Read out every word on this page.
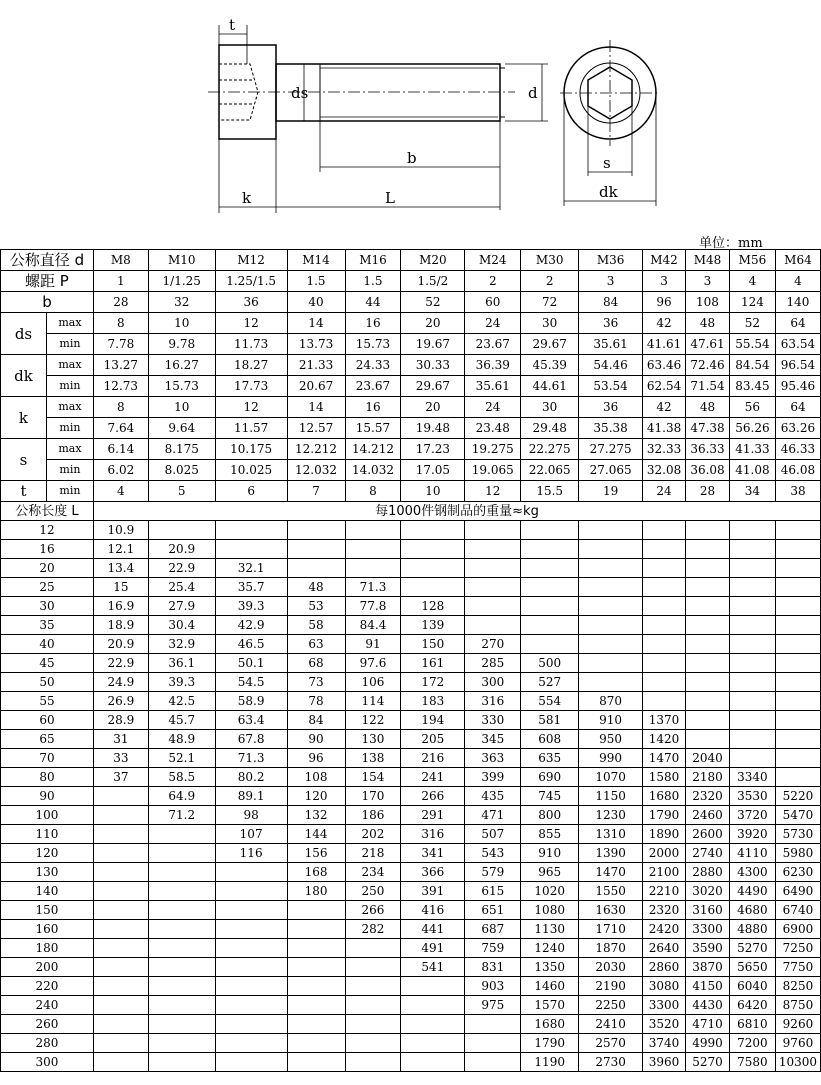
t
ds	d
b
k	L
s
dk
单位：mm
公称直径 d		M8	M10	M12	M14	M16	M20	M24	M30	M36	M42	M48	M56	M64
螺距 P		1	1/1.25	1.25/1.5	1.5	1.5	1.5/2	2	2	3	3	3	4	4
b		28	32	36	40	44	52	60	72	84	96	108	124	140
ds	max	8	10	12	14	16	20	24	30	36	42	48	52	64
	min	7.78	9.78	11.73	13.73	15.73	19.67	23.67	29.67	35.61	41.61	47.61	55.54	63.54
dk	max	13.27	16.27	18.27	21.33	24.33	30.33	36.39	45.39	54.46	63.46	72.46	84.54	96.54
	min	12.73	15.73	17.73	20.67	23.67	29.67	35.61	44.61	53.54	62.54	71.54	83.45	95.46
k	max	8	10	12	14	16	20	24	30	36	42	48	56	64
	min	7.64	9.64	11.57	12.57	15.57	19.48	23.48	29.48	35.38	41.38	47.38	56.26	63.26
s	max	6.14	8.175	10.175	12.212	14.212	17.23	19.275	22.275	27.275	32.33	36.33	41.33	46.33
	min	6.02	8.025	10.025	12.032	14.032	17.05	19.065	22.065	27.065	32.08	36.08	41.08	46.08
t	min	4	5	6	7	8	10	12	15.5	19	24	28	34	38
公称长度 L		每1000件钢制品的重量≈kg												
12		10.9												
16		12.1	20.9											
20		13.4	22.9	32.1										
25		15	25.4	35.7	48	71.3								
30		16.9	27.9	39.3	53	77.8	128							
35		18.9	30.4	42.9	58	84.4	139							
40		20.9	32.9	46.5	63	91	150	270						
45		22.9	36.1	50.1	68	97.6	161	285	500					
50		24.9	39.3	54.5	73	106	172	300	527					
55		26.9	42.5	58.9	78	114	183	316	554	870				
60		28.9	45.7	63.4	84	122	194	330	581	910	1370			
65		31	48.9	67.8	90	130	205	345	608	950	1420			
70		33	52.1	71.3	96	138	216	363	635	990	1470	2040		
80		37	58.5	80.2	108	154	241	399	690	1070	1580	2180	3340	
90			64.9	89.1	120	170	266	435	745	1150	1680	2320	3530	5220
100			71.2	98	132	186	291	471	800	1230	1790	2460	3720	5470
110				107	144	202	316	507	855	1310	1890	2600	3920	5730
120				116	156	218	341	543	910	1390	2000	2740	4110	5980
130					168	234	366	579	965	1470	2100	2880	4300	6230
140					180	250	391	615	1020	1550	2210	3020	4490	6490
150						266	416	651	1080	1630	2320	3160	4680	6740
160						282	441	687	1130	1710	2420	3300	4880	6900
180							491	759	1240	1870	2640	3590	5270	7250
200							541	831	1350	2030	2860	3870	5650	7750
220								903	1460	2190	3080	4150	6040	8250
240								975	1570	2250	3300	4430	6420	8750
260									1680	2410	3520	4710	6810	9260
280									1790	2570	3740	4990	7200	9760
300									1190	2730	3960	5270	7580	10300
